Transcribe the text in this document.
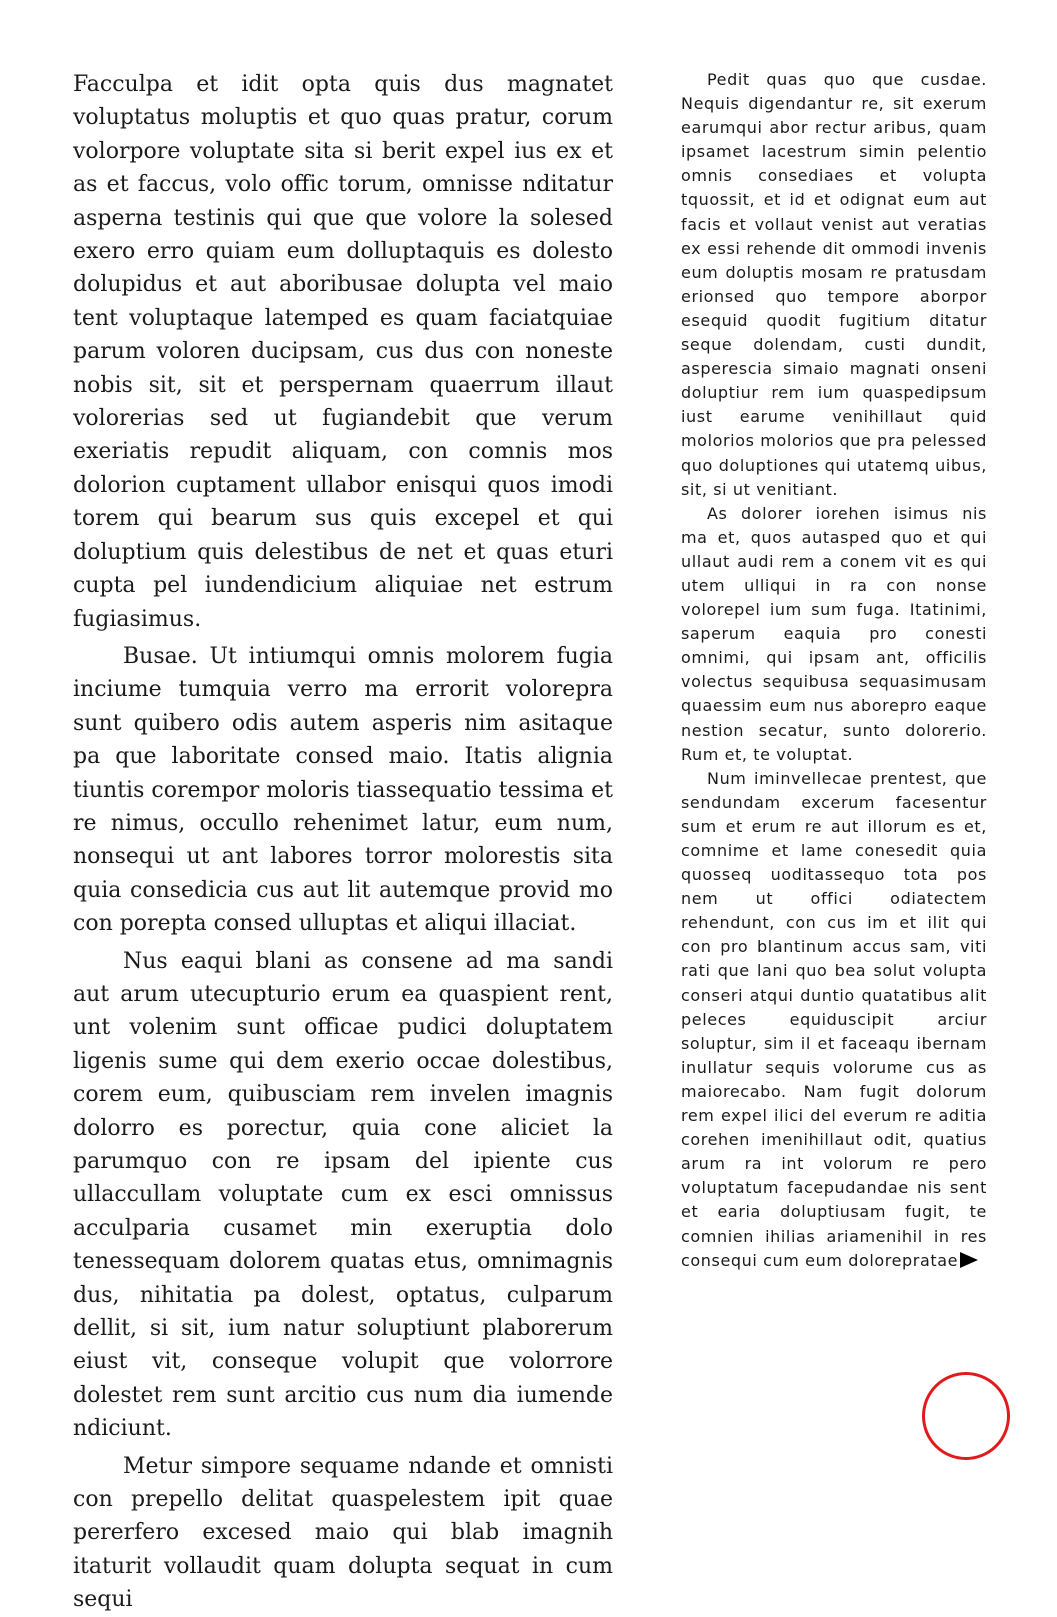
Facculpa et idit opta quis dus magnatet voluptatus moluptis et quo quas pratur, corum volorpore voluptate sita si berit expel ius ex et as et faccus, volo offic torum, omnisse nditatur asperna testinis qui que que volore la solesed exero erro quiam eum dolluptaquis es dolesto dolupidus et aut aboribusae dolupta vel maio tent voluptaque latemped es quam faciatquiae parum voloren ducipsam, cus dus con noneste nobis sit, sit et perspernam quaerrum illaut volorerias sed ut fugiandebit que verum exeriatis repudit aliquam, con comnis mos dolorion cuptament ullabor enisqui quos imodi torem qui bearum sus quis excepel et qui doluptium quis delestibus de net et quas eturi cupta pel iundendicium aliquiae net estrum fugiasimus.

Busae. Ut intiumqui omnis molorem fugia inciume tumquia verro ma errorit volorepra sunt quibero odis autem asperis nim asitaque pa que laboritate consed maio. Itatis alignia tiuntis corempor moloris tiassequatio tessima et re nimus, occullo rehenimet latur, eum num, nonsequi ut ant labores torror molorestis sita quia consedicia cus aut lit autemque provid mo con porepta consed ulluptas et aliqui illaciat.

Nus eaqui blani as consene ad ma sandi aut arum utecupturio erum ea quaspient rent, unt volenim sunt officae pudici doluptatem ligenis sume qui dem exerio occae dolestibus, corem eum, quibusciam rem invelen imagnis dolorro es porectur, quia cone aliciet la parumquo con re ipsam del ipiente cus ullaccullam voluptate cum ex esci omnissus acculparia cusamet min exeruptia dolo tenessequam dolorem quatas etus, omnimagnis dus, nihitatia pa dolest, optatus, culparum dellit, si sit, ium natur soluptiunt plaborerum eiust vit, conseque volupit que volorrore dolestet rem sunt arcitio cus num dia iumende ndiciunt.

Metur simpore sequame ndande et omnisti con prepello delitat quaspelestem ipit quae pererfero excesed maio qui blab imagnih itaturit vollaudit quam dolupta sequat in cum sequi

Pedit quas quo que cusdae. Nequis digendantur re, sit exerum earumqui abor rectur aribus, quam ipsamet lacestrum simin pelentio omnis consediaes et volupta tquossit, et id et odignat eum aut facis et vollaut venist aut veratias ex essi rehende dit ommodi invenis eum doluptis mosam re pratusdam erionsed quo tempore aborpor esequid quodit fugitium ditatur seque dolendam, custi dundit, asperescia simaio magnati onseni doluptiur rem ium quaspedipsum iust earume venihillaut quid molorios molorios que pra pelessed quo doluptiones qui utatemq uibus, sit, si ut venitiant.

As dolorer iorehen isimus nis ma et, quos autasped quo et qui ullaut audi rem a conem vit es qui utem ulliqui in ra con nonse volorepel ium sum fuga. Itatinimi, saperum eaquia pro conesti omnimi, qui ipsam ant, officilis volectus sequibusa sequasimusam quaessim eum nus aborepro eaque nestion secatur, sunto dolorerio. Rum et, te voluptat.

Num iminvellecae prentest, que sendundam excerum facesentur sum et erum re aut illorum es et, comnime et lame conesedit quia quosseq uoditassequo tota pos nem ut offici odiatectem rehendunt, con cus im et ilit qui con pro blantinum accus sam, viti rati que lani quo bea solut volupta conseri atqui duntio quatatibus alit peleces equiduscipit arciur soluptur, sim il et faceaqu ibernam inullatur sequis volorume cus as maiorecabo. Nam fugit dolorum rem expel ilici del everum re aditia corehen imenihillaut odit, quatius arum ra int volorum re pero voluptatum facepudandae nis sent et earia doluptiusam fugit, te comnien ihilias ariamenihil in res consequi cum eum dolorepratae
